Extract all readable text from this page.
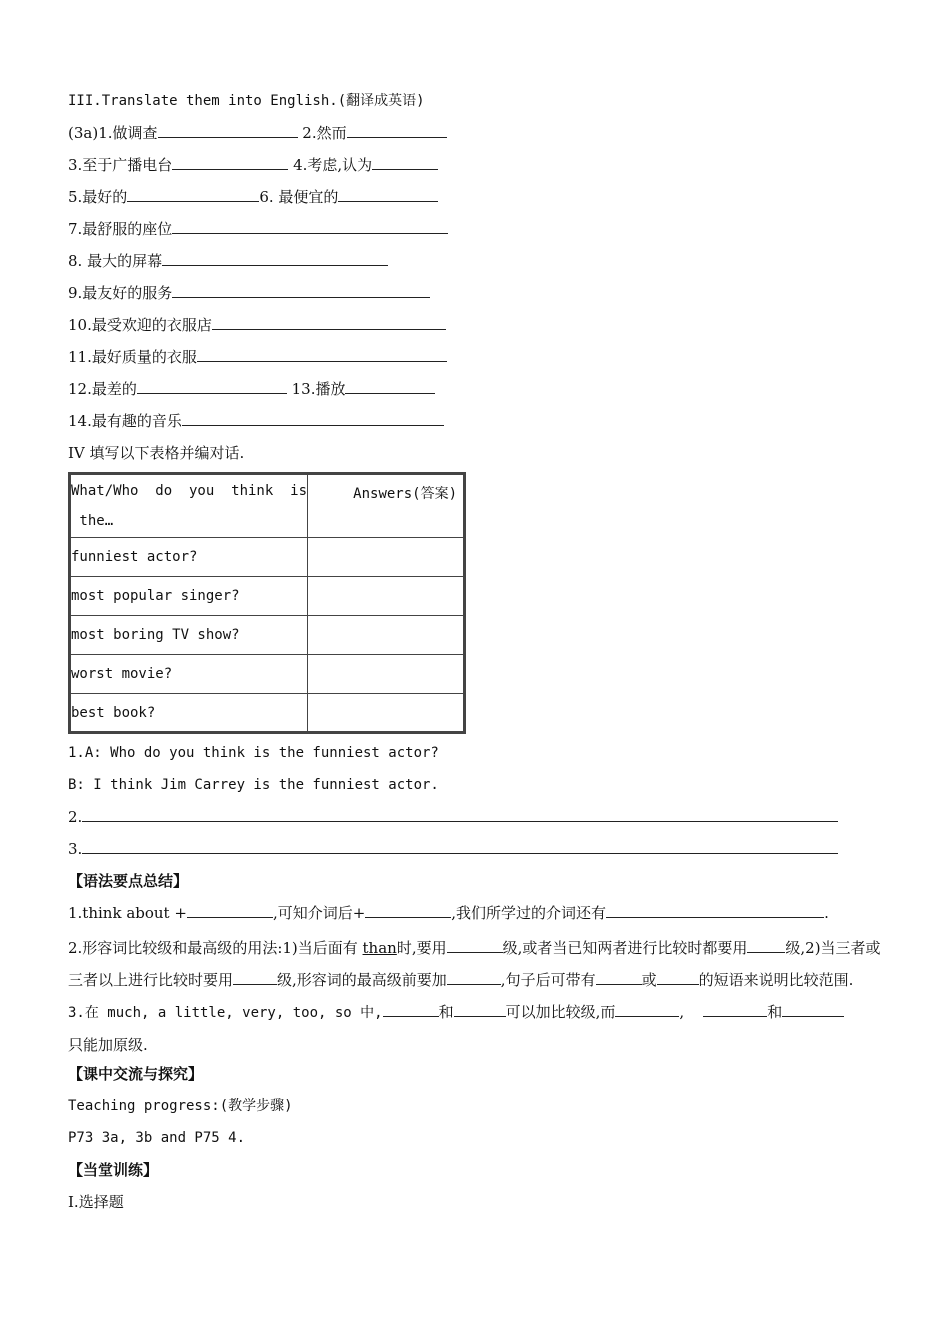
III.Translate them into English.(翻译成英语)
(3a)1.做调查	2.然而
3.至于广播电台	4.考虑,认为
5.最好的	6. 最便宜的
7.最舒服的座位
8. 最大的屏幕
9.最友好的服务
10.最受欢迎的衣服店
11.最好质量的衣服
12.最差的	13.播放
14.最有趣的音乐
IV 填写以下表格并编对话.
What/Who  do  you  think  is
the…	Answers(答案)

funniest actor?	
most popular singer?	
most boring TV show?	
worst movie?	
best book?	
1.A: Who do you think is the funniest actor?
B: I think Jim Carrey is the funniest actor.
2.
3.
【语法要点总结】
1.think about +	,可知介词后+	,我们所学过的介词还有	.
2.形容词比较级和最高级的用法:1)当后面有 than时,要用	级,或者当已知两者进行比较时都要用	级,2)当三者或三者以上进行比较时要用	级,形容词的最高级前要加	,句子后可带有	或	的短语来说明比较范围.
3.在 much, a little, very, too, so 中,	和	可以加比较级,而	,	和
只能加原级.
【课中交流与探究】
Teaching progress:(教学步骤)
P73 3a, 3b and P75 4.
【当堂训练】
I.选择题
